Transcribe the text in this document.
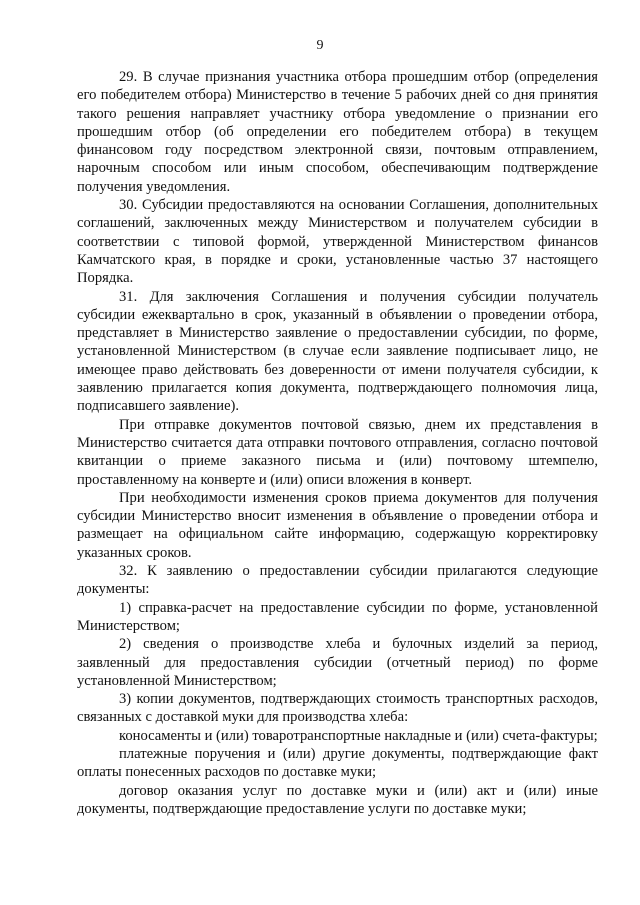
9

29. В случае признания участника отбора прошедшим отбор (определения его победителем отбора) Министерство в течение 5 рабочих дней со дня принятия такого решения направляет участнику отбора уведомление о признании его прошедшим отбор (об определении его победителем отбора) в текущем финансовом году посредством электронной связи, почтовым отправлением, нарочным способом или иным способом, обеспечивающим подтверждение получения уведомления.

30. Субсидии предоставляются на основании Соглашения, дополнительных соглашений, заключенных между Министерством и получателем субсидии в соответствии с типовой формой, утвержденной Министерством финансов Камчатского края, в порядке и сроки, установленные частью 37 настоящего Порядка.

31. Для заключения Соглашения и получения субсидии получатель субсидии ежеквартально в срок, указанный в объявлении о проведении отбора, представляет в Министерство заявление о предоставлении субсидии, по форме, установленной Министерством (в случае если заявление подписывает лицо, не имеющее право действовать без доверенности от имени получателя субсидии, к заявлению прилагается копия документа, подтверждающего полномочия лица, подписавшего заявление).

При отправке документов почтовой связью, днем их представления в Министерство считается дата отправки почтового отправления, согласно почтовой квитанции о приеме заказного письма и (или) почтовому штемпелю, проставленному на конверте и (или) описи вложения в конверт.

При необходимости изменения сроков приема документов для получения субсидии Министерство вносит изменения в объявление о проведении отбора и размещает на официальном сайте информацию, содержащую корректировку указанных сроков.

32. К заявлению о предоставлении субсидии прилагаются следующие документы:

1) справка-расчет на предоставление субсидии по форме, установленной Министерством;

2) сведения о производстве хлеба и булочных изделий за период, заявленный для предоставления субсидии (отчетный период) по форме установленной Министерством;

3) копии документов, подтверждающих стоимость транспортных расходов, связанных с доставкой муки для производства хлеба:

коносаменты и (или) товаротранспортные накладные и (или) счета-фактуры;

платежные поручения и (или) другие документы, подтверждающие факт оплаты понесенных расходов по доставке муки;

договор оказания услуг по доставке муки и (или) акт и (или) иные документы, подтверждающие предоставление услуги по доставке муки;
